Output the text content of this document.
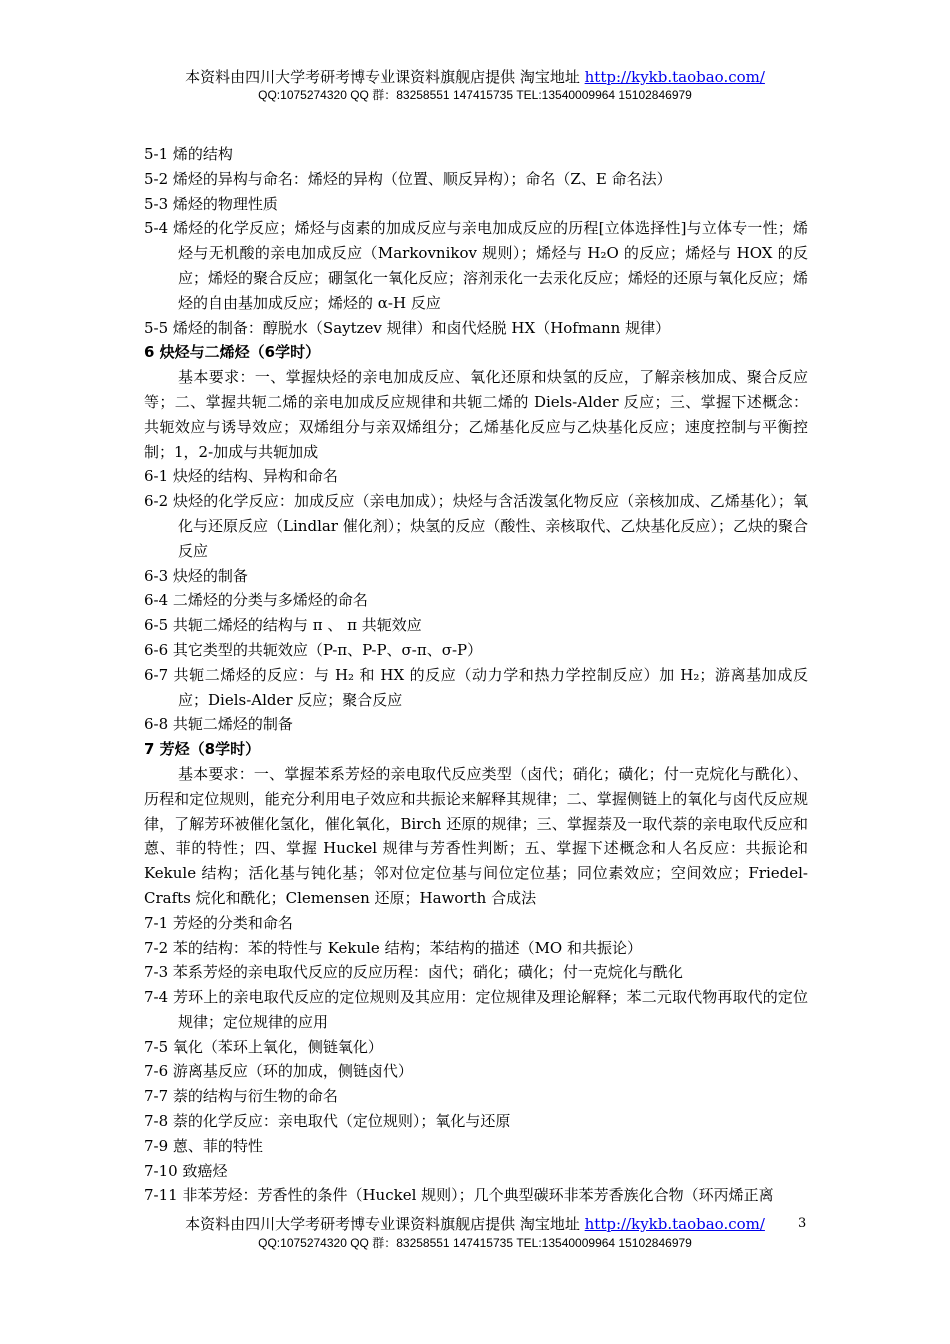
本资料由四川大学考研考博专业课资料旗舰店提供 淘宝地址 http://kykb.taobao.com/
QQ:1075274320 QQ 群：83258551 147415735 TEL:13540009964 15102846979

5-1 烯的结构

5-2 烯烃的异构与命名：烯烃的异构（位置、顺反异构）；命名（Z、E 命名法）

5-3 烯烃的物理性质

5-4 烯烃的化学反应；烯烃与卤素的加成反应与亲电加成反应的历程[立体选择性]与立体专一性；烯烃与无机酸的亲电加成反应（Markovnikov 规则）；烯烃与 H₂O 的反应；烯烃与 HOX 的反应；烯烃的聚合反应；硼氢化一氧化反应；溶剂汞化一去汞化反应；烯烃的还原与氧化反应；烯烃的自由基加成反应；烯烃的 α-H 反应

5-5 烯烃的制备：醇脱水（Saytzev 规律）和卤代烃脱 HX（Hofmann 规律）

6 炔烃与二烯烃（6学时）

基本要求：一、掌握炔烃的亲电加成反应、氧化还原和炔氢的反应，了解亲核加成、聚合反应等；二、掌握共轭二烯的亲电加成反应规律和共轭二烯的 Diels-Alder 反应；三、掌握下述概念：共轭效应与诱导效应；双烯组分与亲双烯组分；乙烯基化反应与乙炔基化反应；速度控制与平衡控制；1，2-加成与共轭加成

6-1 炔烃的结构、异构和命名

6-2 炔烃的化学反应：加成反应（亲电加成）；炔烃与含活泼氢化物反应（亲核加成、乙烯基化）；氧化与还原反应（Lindlar 催化剂）；炔氢的反应（酸性、亲核取代、乙炔基化反应）；乙炔的聚合反应

6-3 炔烃的制备

6-4 二烯烃的分类与多烯烃的命名

6-5 共轭二烯烃的结构与 π 、 π 共轭效应

6-6 其它类型的共轭效应（P-π、P-P、σ-π、σ-P）

6-7 共轭二烯烃的反应：与 H₂ 和 HX 的反应（动力学和热力学控制反应）加 H₂；游离基加成反应；Diels-Alder 反应；聚合反应

6-8 共轭二烯烃的制备

7 芳烃（8学时）

基本要求：一、掌握苯系芳烃的亲电取代反应类型（卤代；硝化；磺化；付一克烷化与酰化）、历程和定位规则，能充分利用电子效应和共振论来解释其规律；二、掌握侧链上的氧化与卤代反应规律，了解芳环被催化氢化，催化氧化，Birch 还原的规律；三、掌握萘及一取代萘的亲电取代反应和蒽、菲的特性；四、掌握 Huckel 规律与芳香性判断；五、掌握下述概念和人名反应：共振论和 Kekule 结构；活化基与钝化基；邻对位定位基与间位定位基；同位素效应；空间效应；Friedel-Crafts 烷化和酰化；Clemensen 还原；Haworth 合成法

7-1 芳烃的分类和命名

7-2 苯的结构：苯的特性与 Kekule 结构；苯结构的描述（MO 和共振论）

7-3 苯系芳烃的亲电取代反应的反应历程：卤代；硝化；磺化；付一克烷化与酰化

7-4 芳环上的亲电取代反应的定位规则及其应用：定位规律及理论解释；苯二元取代物再取代的定位规律；定位规律的应用

7-5 氧化（苯环上氧化，侧链氧化）

7-6 游离基反应（环的加成，侧链卤代）

7-7 萘的结构与衍生物的命名

7-8 萘的化学反应：亲电取代（定位规则）；氧化与还原

7-9 蒽、菲的特性

7-10 致癌烃

7-11 非苯芳烃：芳香性的条件（Huckel 规则）；几个典型碳环非苯芳香族化合物（环丙烯正离

本资料由四川大学考研考博专业课资料旗舰店提供 淘宝地址 http://kykb.taobao.com/
QQ:1075274320 QQ 群：83258551 147415735 TEL:13540009964 15102846979
3
